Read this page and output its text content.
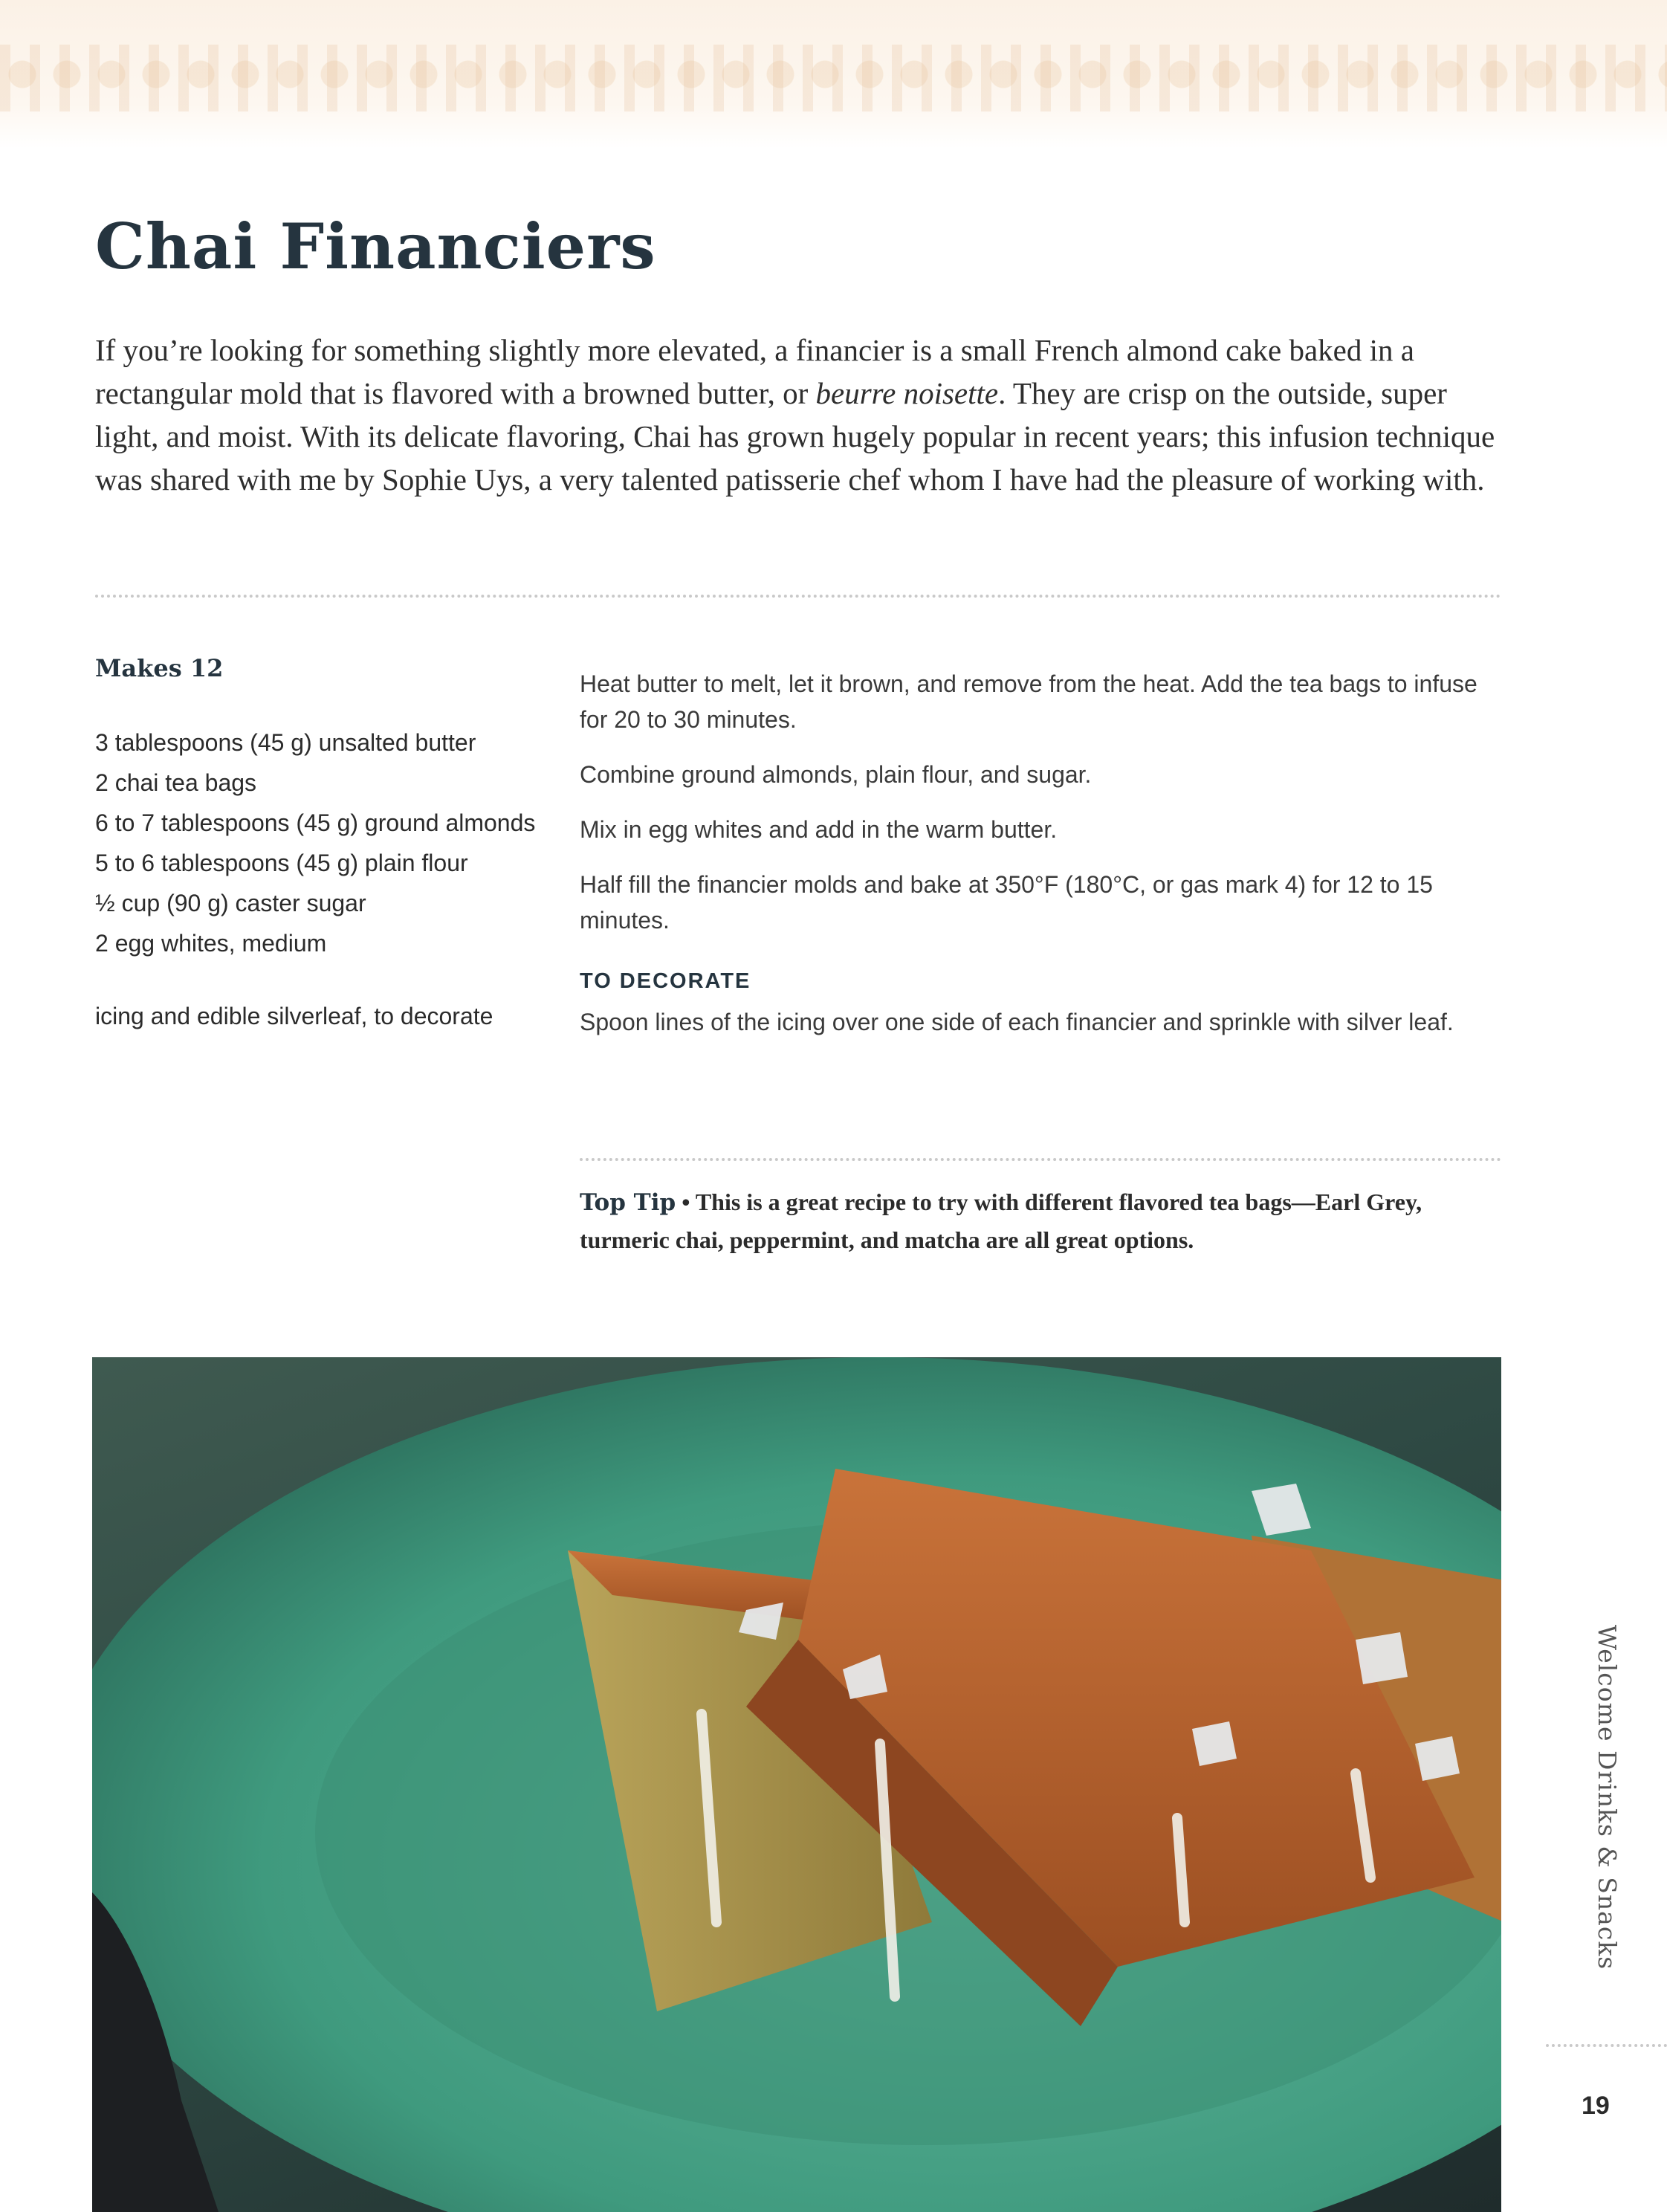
Chai Financiers

If you’re looking for something slightly more elevated, a financier is a small French almond cake baked in a rectangular mold that is flavored with a browned butter, or beurre noisette. They are crisp on the outside, super light, and moist. With its delicate flavoring, Chai has grown hugely popular in recent years; this infusion technique was shared with me by Sophie Uys, a very talented patisserie chef whom I have had the pleasure of working with.

Makes 12

3 tablespoons (45 g) unsalted butter
2 chai tea bags
6 to 7 tablespoons (45 g) ground almonds
5 to 6 tablespoons (45 g) plain flour
½ cup (90 g) caster sugar
2 egg whites, medium
icing and edible silverleaf, to decorate

Heat butter to melt, let it brown, and remove from the heat. Add the tea bags to infuse for 20 to 30 minutes.

Combine ground almonds, plain flour, and sugar.

Mix in egg whites and add in the warm butter.

Half fill the financier molds and bake at 350°F (180°C, or gas mark 4) for 12 to 15 minutes.

TO DECORATE

Spoon lines of the icing over one side of each financier and sprinkle with silver leaf.

Top Tip • This is a great recipe to try with different flavored tea bags—Earl Grey, turmeric chai, peppermint, and matcha are all great options.

Welcome Drinks & Snacks

19
